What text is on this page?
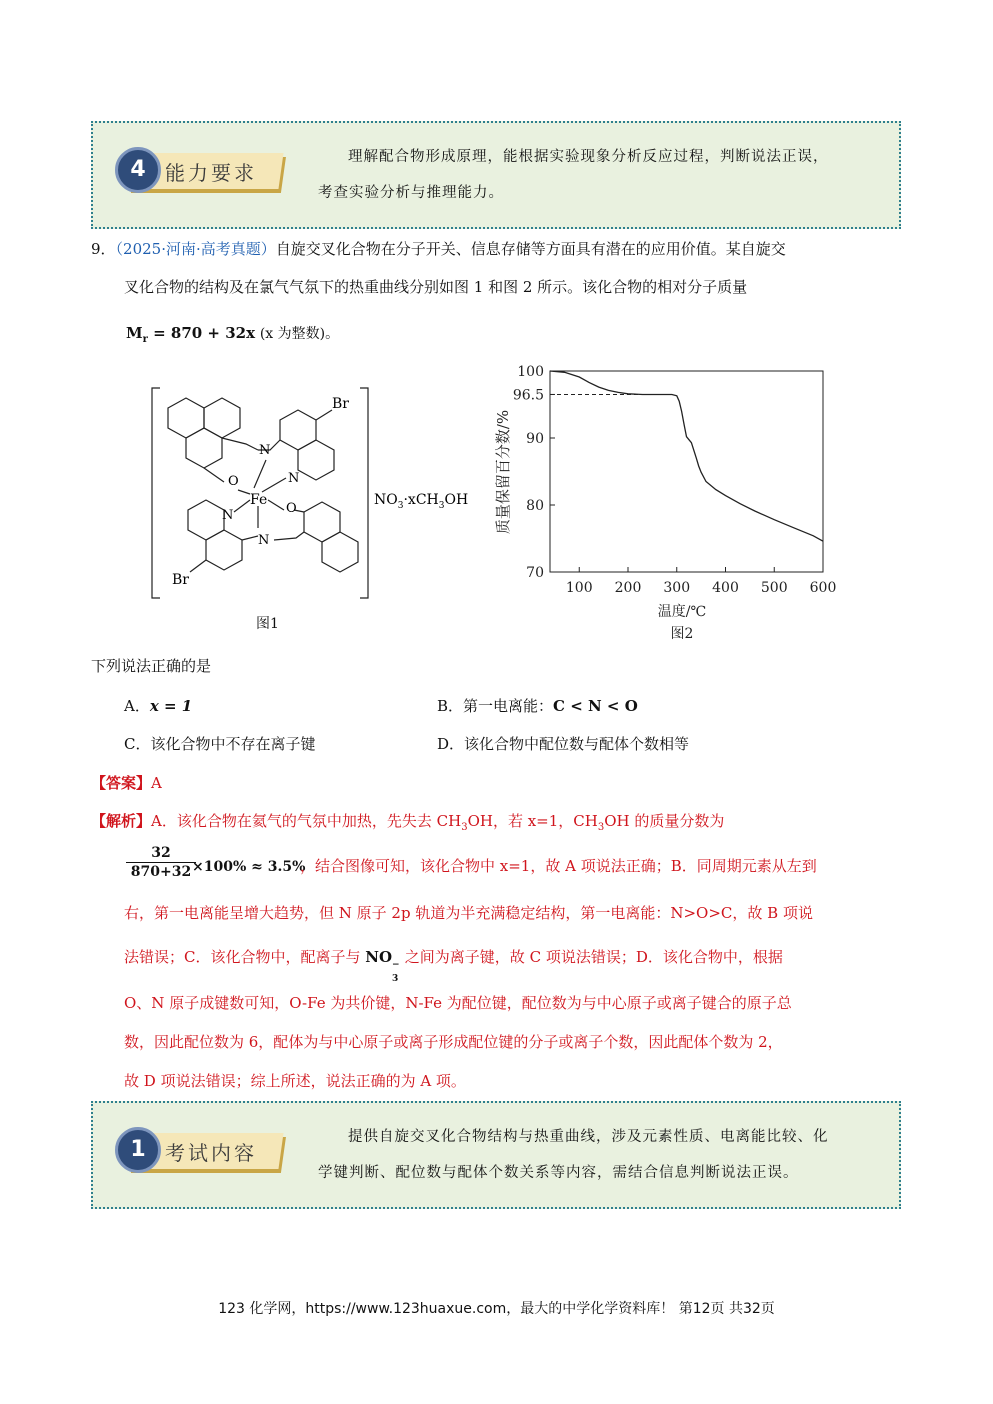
4 能力要求
理解配合物形成原理，能根据实验现象分析反应过程，判断说法正误，
考查实验分析与推理能力。
9．（2025·河南·高考真题）自旋交叉化合物在分子开关、信息存储等方面具有潜在的应用价值。某自旋交
叉化合物的结构及在氯气气氛下的热重曲线分别如图 1 和图 2 所示。该化合物的相对分子质量
$M_r = 870 + 32x$ (x 为整数)。
Br
N
N
O
Fe
O
N
N
Br
$NO_3\cdot xCH_3OH$
图1
100 200 300 400 500 600
70
80
90
96.5
100
质量保留百分数/%
温度/℃
图2
下列说法正确的是
A．x = 1	B．第一电离能：C < N < O
C．该化合物中不存在离子键	D．该化合物中配位数与配体个数相等
【答案】A
【解析】A．该化合物在氦气的气氛中加热，先失去 $CH_3OH$，若 x=1，$CH_3OH$ 的质量分数为
32
870+32 ×100% ≈ 3.5%
，结合图像可知，该化合物中 x=1，故 A 项说法正确；B．同周期元素从左到
右，第一电离能呈增大趋势，但 N 原子 2p 轨道为半充满稳定结构，第一电离能：N>O>C，故 B 项说
法错误；C．该化合物中，配离子与 NO −
3
之间为离子键，故 C 项说法错误；D．该化合物中，根据
O、N 原子成键数可知，O-Fe 为共价键，N-Fe 为配位键，配位数为与中心原子或离子键合的原子总
数，因此配位数为 6，配体为与中心原子或离子形成配位键的分子或离子个数，因此配体个数为 2，
故 D 项说法错误；综上所述，说法正确的为 A 项。
1 考试内容
提供自旋交叉化合物结构与热重曲线，涉及元素性质、电离能比较、化
学键判断、配位数与配体个数关系等内容，需结合信息判断说法正误。
123 化学网，https://www.123huaxue.com，最大的中学化学资料库！ 第12页 共32页
